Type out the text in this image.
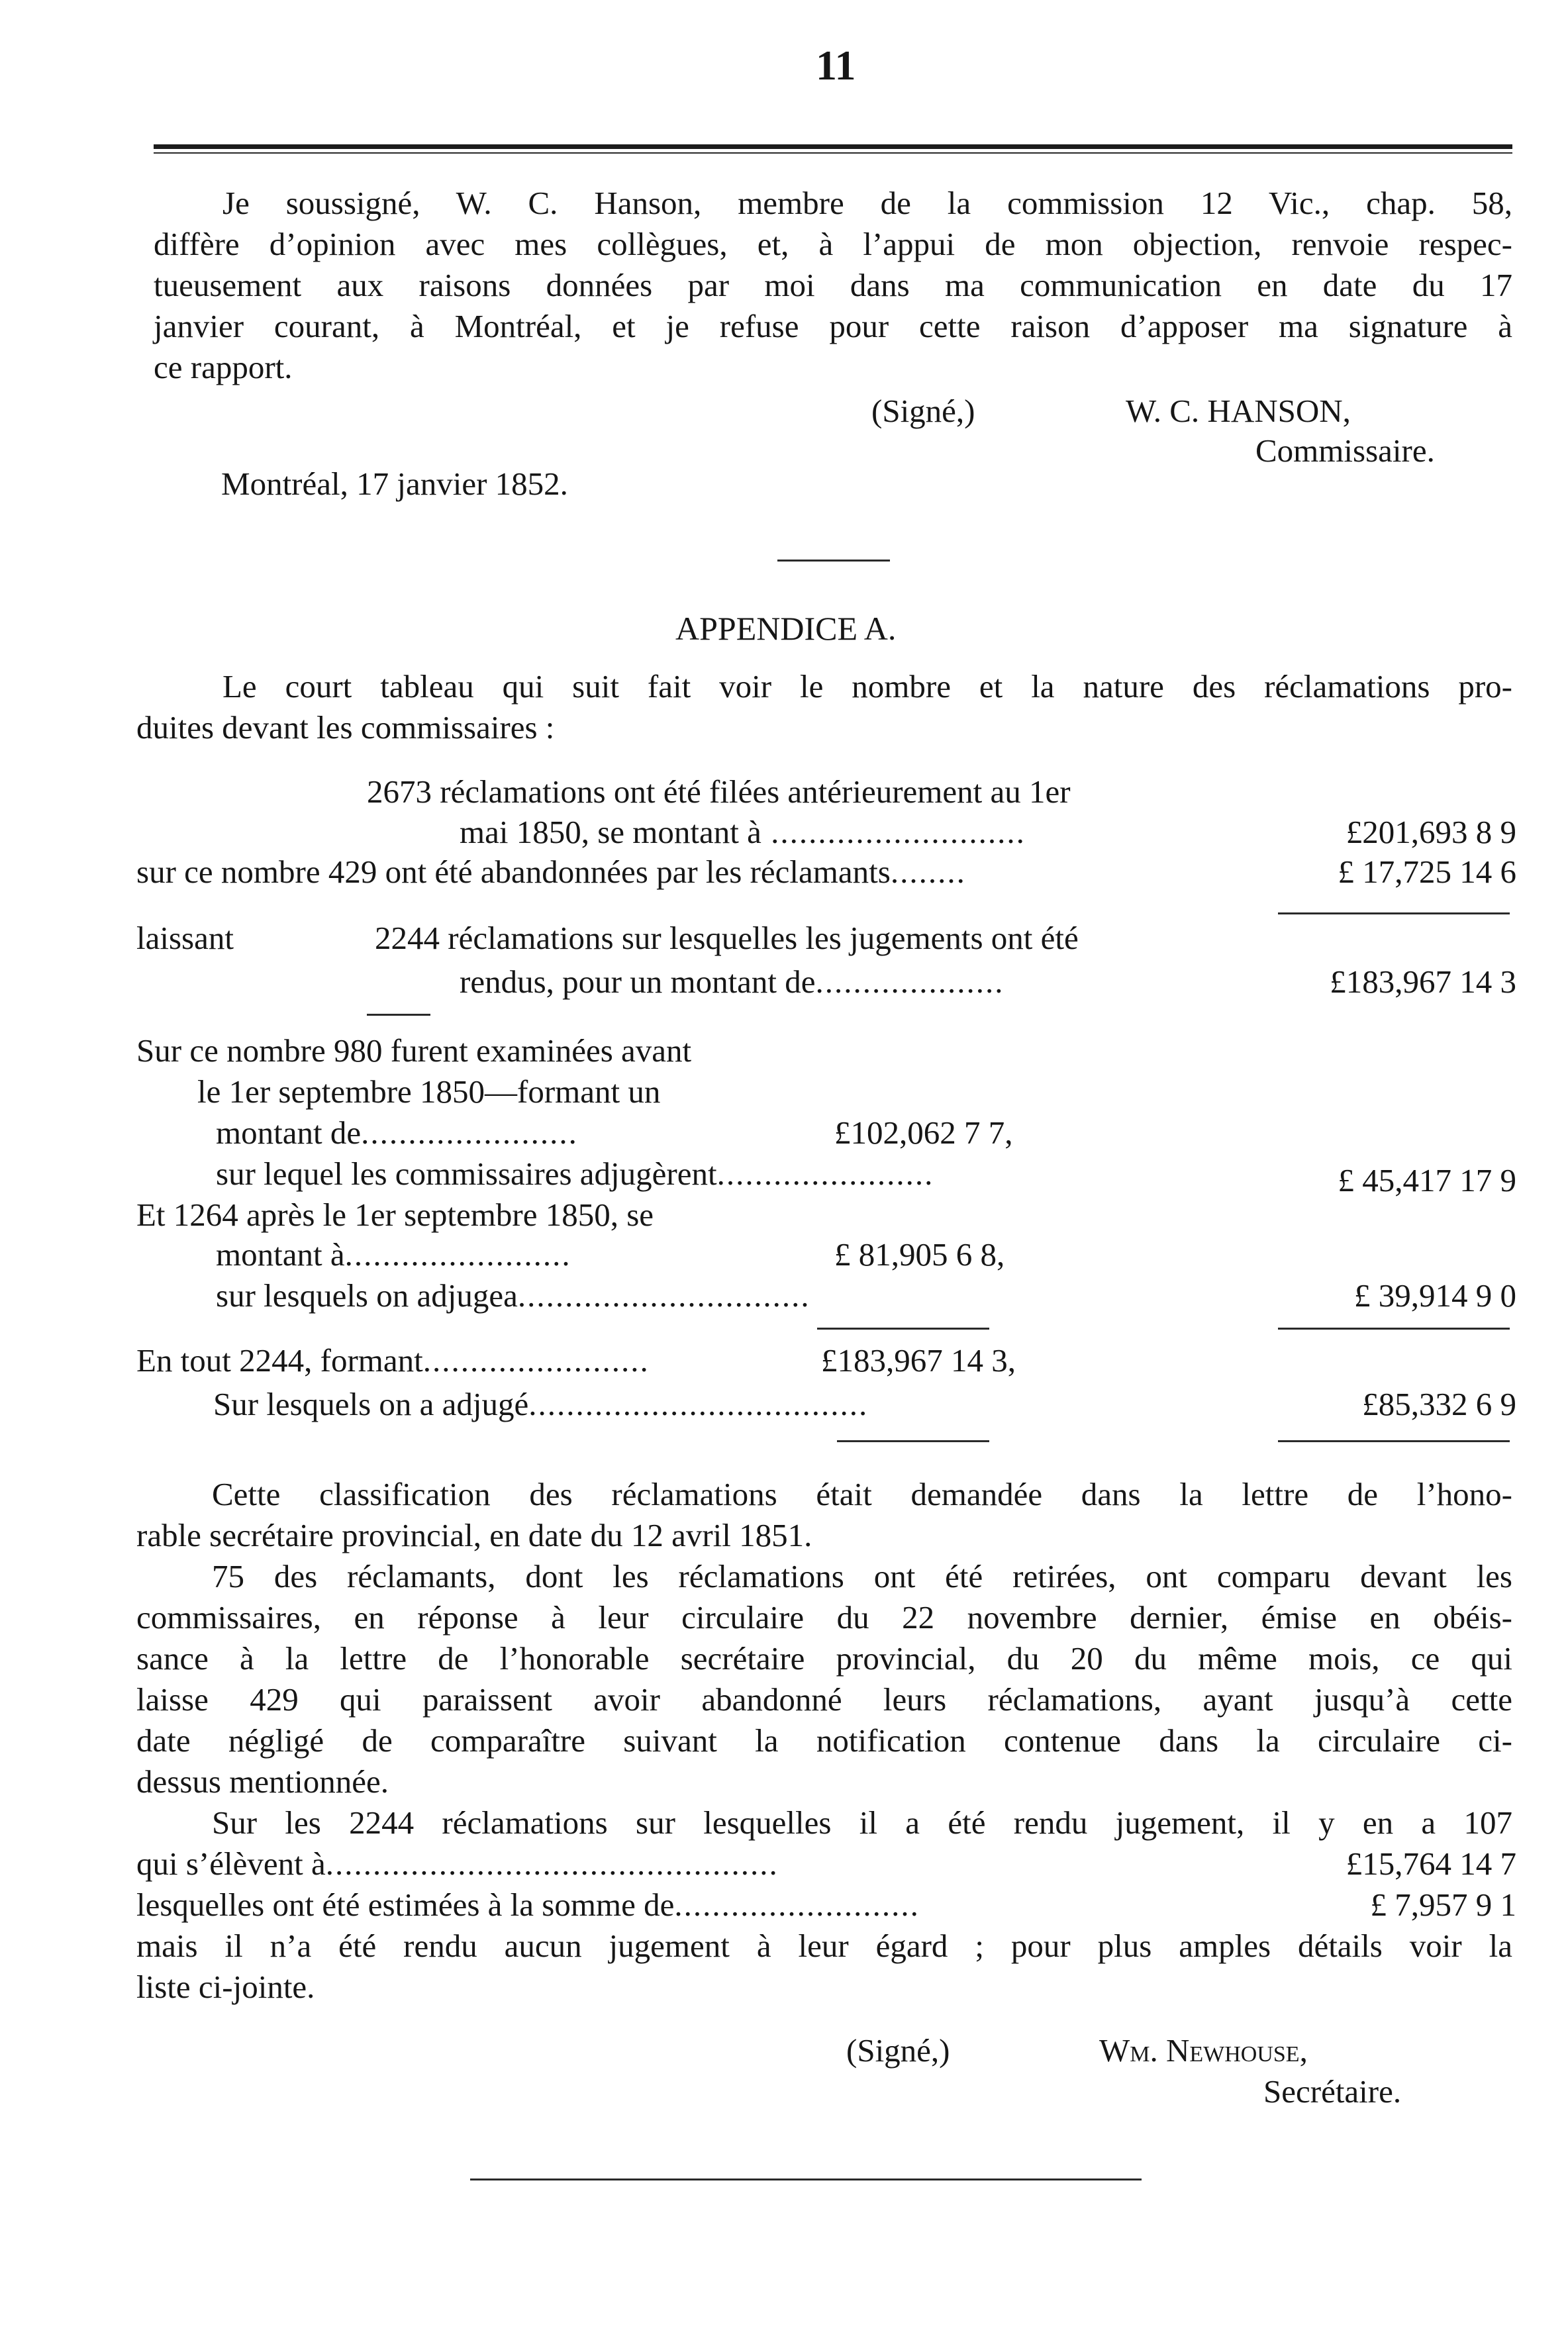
11
Je soussigné, W. C. Hanson, membre de la commission 12 Vic., chap. 58,
diffère d’opinion avec mes collègues, et, à l’appui de mon objection, renvoie respec-
tueusement aux raisons données par moi dans ma communication en date du 17
janvier courant, à Montréal, et je refuse pour cette raison d’apposer ma signature à
ce rapport.
(Signé,)	W. C. HANSON,
Commissaire.
Montréal, 17 janvier 1852.
APPENDICE A.
Le court tableau qui suit fait voir le nombre et la nature des réclamations pro-
duites devant les commissaires :
2673 réclamations ont été filées antérieurement au 1er
mai 1850, se montant à ...........................	£201,693 8 9
sur ce nombre 429 ont été abandonnées par les réclamants........	£ 17,725 14 6
laissant	2244 réclamations sur lesquelles les jugements ont été
rendus, pour un montant de....................	£183,967 14 3
Sur ce nombre 980 furent examinées avant
le 1er septembre 1850—formant un
montant de.......................	£102,062 7 7,
sur lequel les commissaires adjugèrent.......................	£ 45,417 17 9
Et 1264 après le 1er septembre 1850, se
montant à........................	£ 81,905 6 8,
sur lesquels on adjugea...............................	£ 39,914 9 0
En tout 2244, formant........................	£183,967 14 3,
Sur lesquels on a adjugé....................................	£85,332 6 9
Cette classification des réclamations était demandée dans la lettre de l’hono-
rable secrétaire provincial, en date du 12 avril 1851.
75 des réclamants, dont les réclamations ont été retirées, ont comparu devant les
commissaires, en réponse à leur circulaire du 22 novembre dernier, émise en obéis-
sance à la lettre de l’honorable secrétaire provincial, du 20 du même mois, ce qui
laisse 429 qui paraissent avoir abandonné leurs réclamations, ayant jusqu’à cette
date négligé de comparaître suivant la notification contenue dans la circulaire ci-
dessus mentionnée.
Sur les 2244 réclamations sur lesquelles il a été rendu jugement, il y en a 107
qui s’élèvent à................................................	£15,764 14 7
lesquelles ont été estimées à la somme de..........................	£ 7,957 9 1
mais il n’a été rendu aucun jugement à leur égard ; pour plus amples détails voir la
liste ci-jointe.
(Signé,)	Wm. Newhouse,
Secrétaire.
